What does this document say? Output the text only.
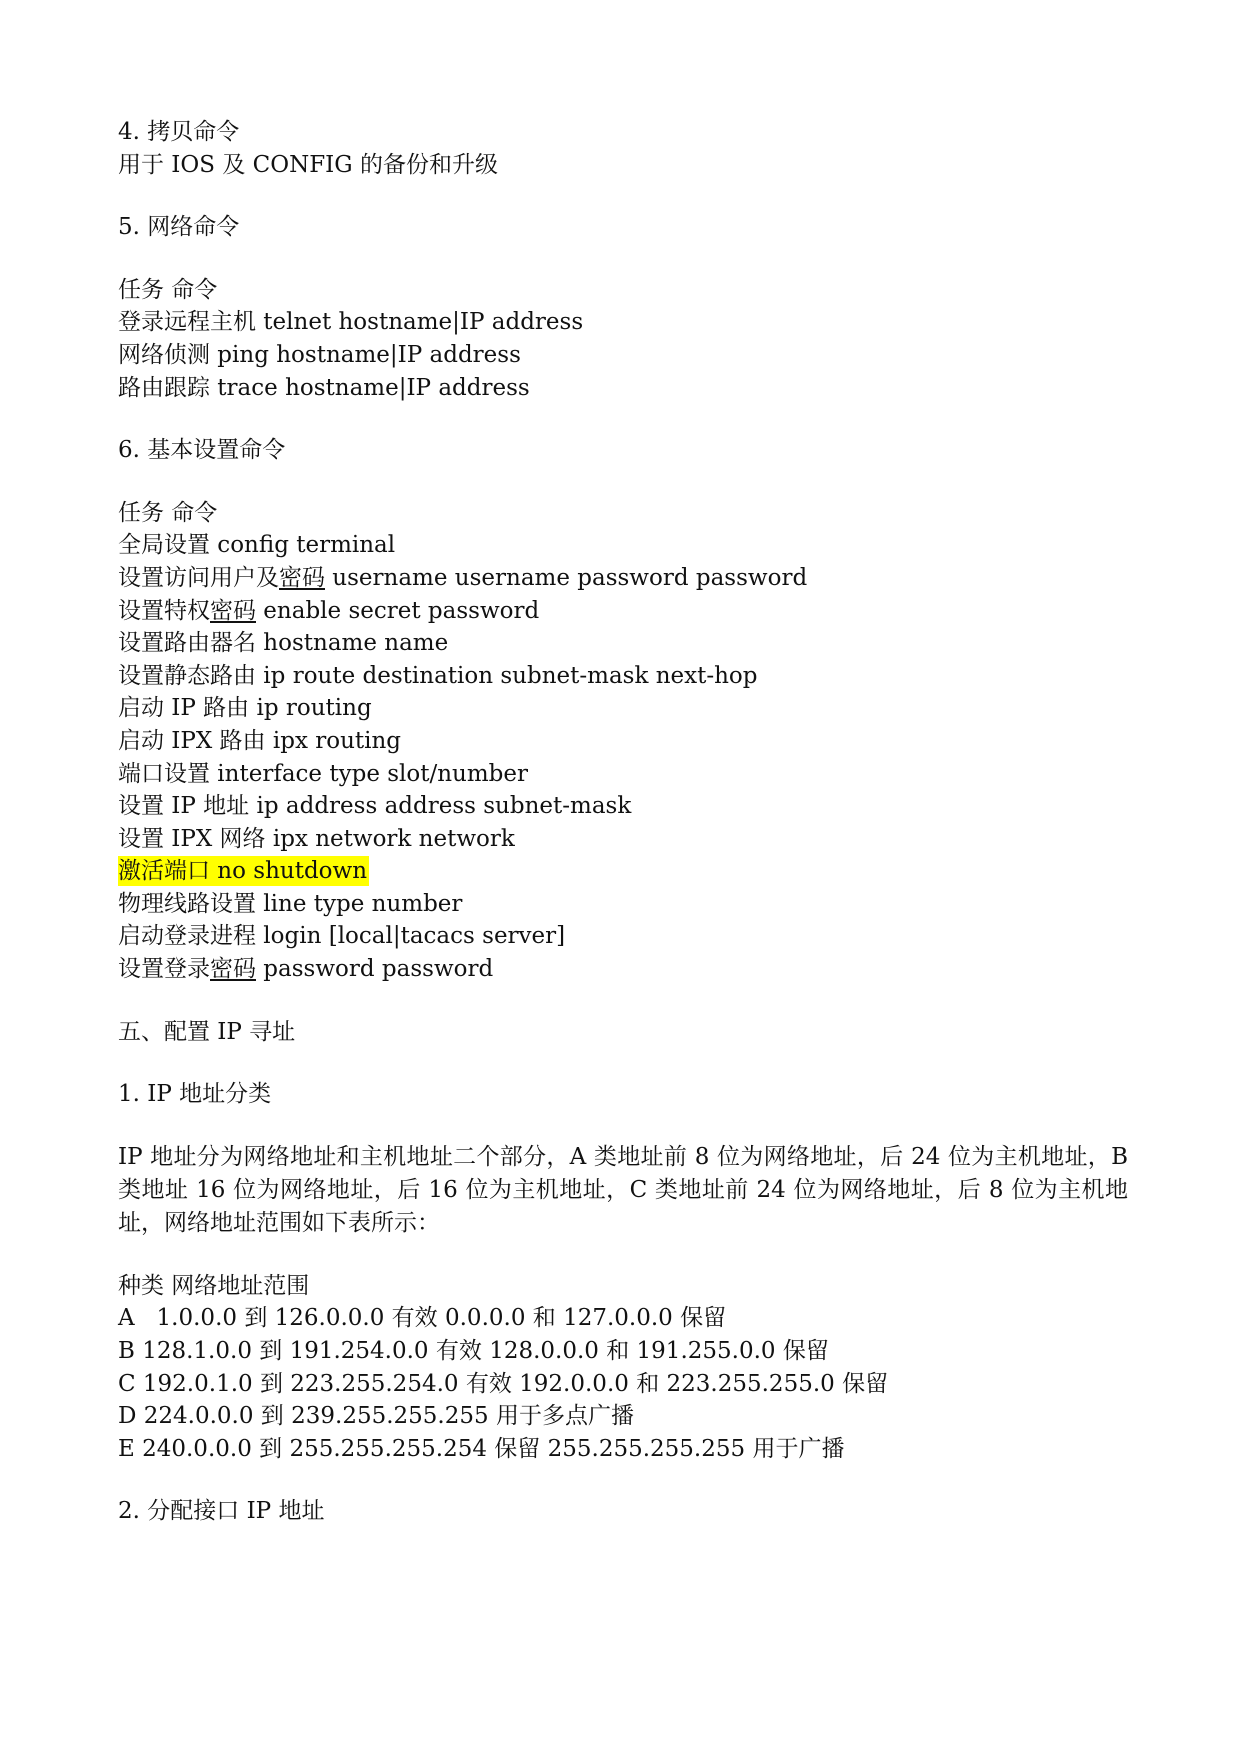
4. 拷贝命令
用于 IOS 及 CONFIG 的备份和升级
5. 网络命令
任务 命令
登录远程主机 telnet hostname|IP address
网络侦测 ping hostname|IP address
路由跟踪 trace hostname|IP address
6. 基本设置命令
任务 命令
全局设置 config terminal
设置访问用户及密码 username username password password
设置特权密码 enable secret password
设置路由器名 hostname name
设置静态路由 ip route destination subnet-mask next-hop
启动 IP 路由 ip routing
启动 IPX 路由 ipx routing
端口设置 interface type slot/number
设置 IP 地址 ip address address subnet-mask
设置 IPX 网络 ipx network network
激活端口 no shutdown
物理线路设置 line type number
启动登录进程 login [local|tacacs server]
设置登录密码 password password
五、配置 IP 寻址
1. IP 地址分类
IP 地址分为网络地址和主机地址二个部分，A 类地址前 8 位为网络地址，后 24 位为主机地址，B 类地址 16 位为网络地址，后 16 位为主机地址，C 类地址前 24 位为网络地址，后 8 位为主机地址，网络地址范围如下表所示：
种类 网络地址范围
A   1.0.0.0 到 126.0.0.0 有效 0.0.0.0 和 127.0.0.0 保留
B 128.1.0.0 到 191.254.0.0 有效 128.0.0.0 和 191.255.0.0 保留
C 192.0.1.0 到 223.255.254.0 有效 192.0.0.0 和 223.255.255.0 保留
D 224.0.0.0 到 239.255.255.255 用于多点广播
E 240.0.0.0 到 255.255.255.254 保留 255.255.255.255 用于广播
2. 分配接口 IP 地址
